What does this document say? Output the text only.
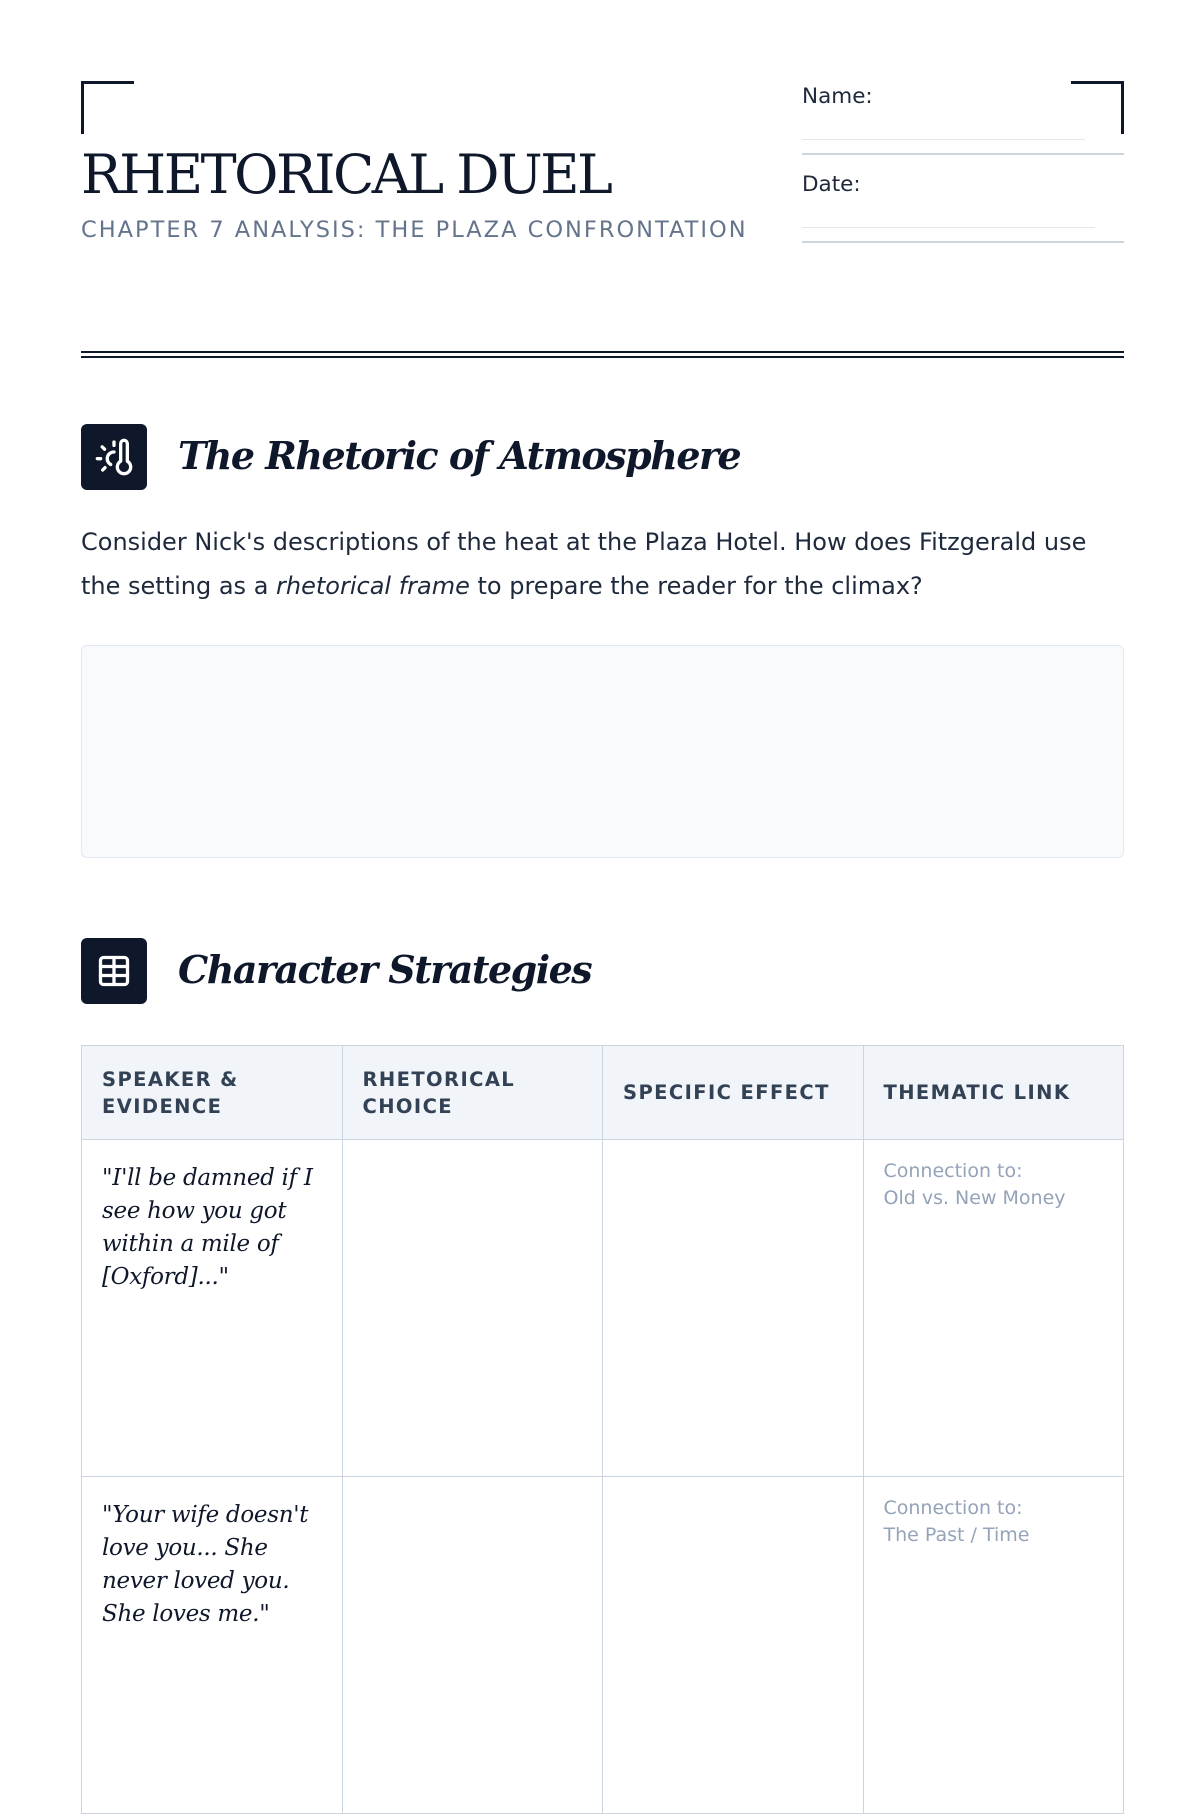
RHETORICAL DUEL
CHAPTER 7 ANALYSIS: THE PLAZA CONFRONTATION
Name:
Date:
The Rhetoric of Atmosphere
Consider Nick's descriptions of the heat at the Plaza Hotel. How does Fitzgerald use the setting as a rhetorical frame to prepare the reader for the climax?
Character Strategies
SPEAKER & EVIDENCE	RHETORICAL CHOICE	SPECIFIC EFFECT	THEMATIC LINK

"I'll be damned if I see how you got within a mile of [Oxford]..."			Connection to:
Old vs. New Money

"Your wife doesn't love you... She never loved you. She loves me."			Connection to:
The Past / Time
